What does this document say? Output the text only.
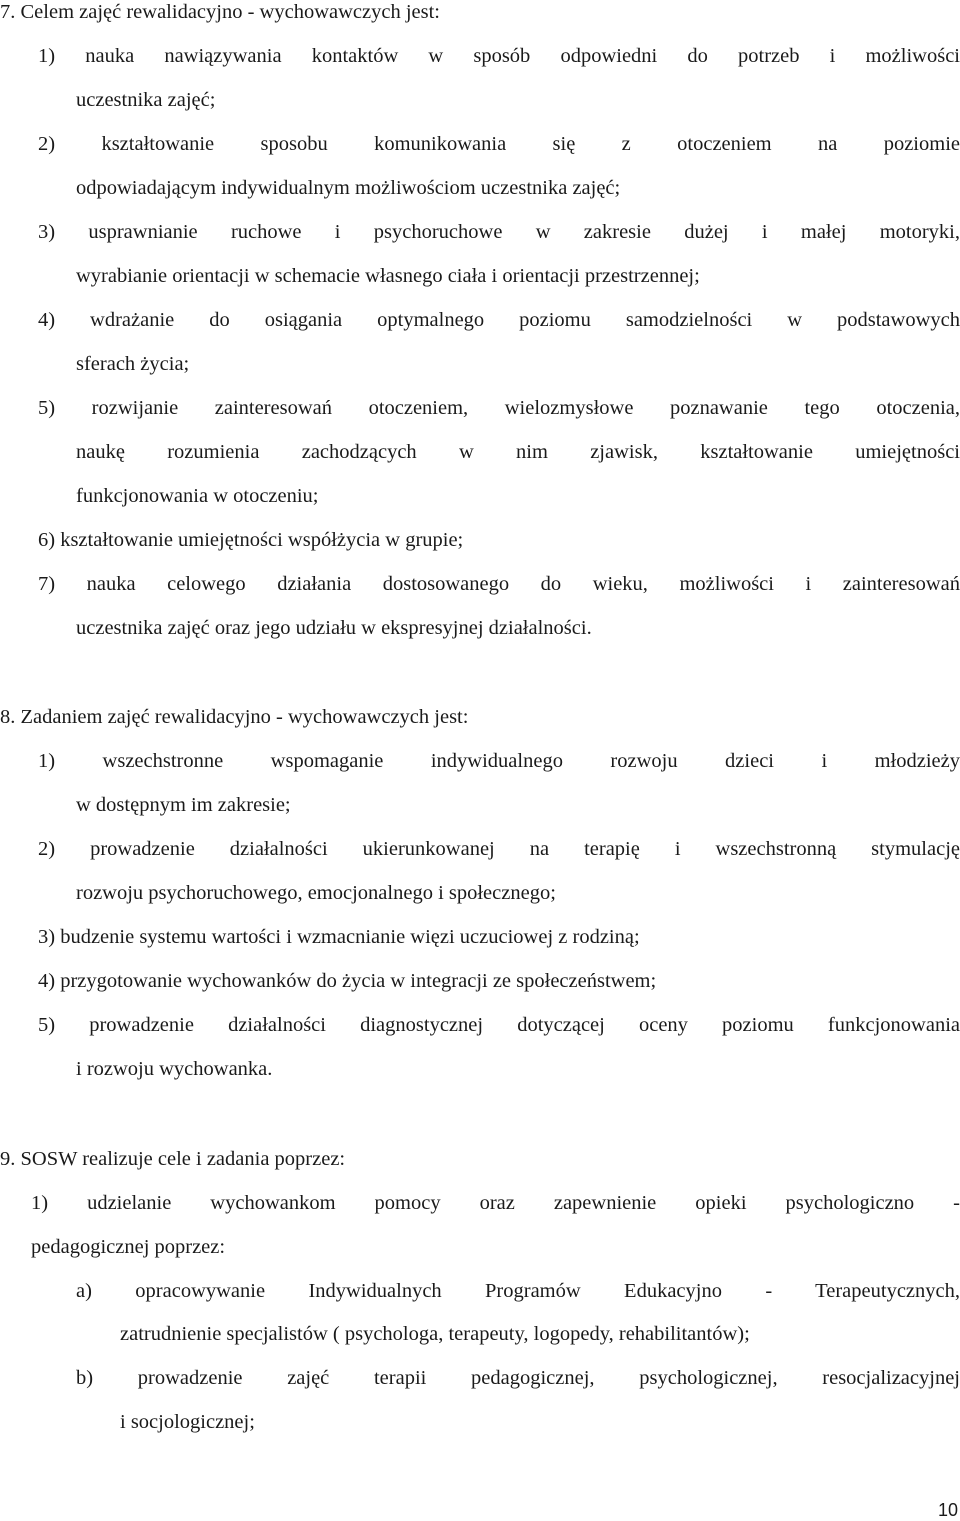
7. Celem zajęć rewalidacyjno - wychowawczych jest:
1) nauka nawiązywania kontaktów w sposób odpowiedni do potrzeb i możliwości
uczestnika zajęć;
2) kształtowanie sposobu komunikowania się z otoczeniem na poziomie
odpowiadającym indywidualnym możliwościom uczestnika zajęć;
3) usprawnianie ruchowe i psychoruchowe w zakresie dużej i małej motoryki,
wyrabianie orientacji w schemacie własnego ciała i orientacji przestrzennej;
4) wdrażanie do osiągania optymalnego poziomu samodzielności w podstawowych
sferach życia;
5) rozwijanie zainteresowań otoczeniem, wielozmysłowe poznawanie tego otoczenia,
naukę rozumienia zachodzących w nim zjawisk, kształtowanie umiejętności
funkcjonowania w otoczeniu;
6) kształtowanie umiejętności współżycia w grupie;
7) nauka celowego działania dostosowanego do wieku, możliwości i zainteresowań
uczestnika zajęć oraz jego udziału w ekspresyjnej działalności.
8. Zadaniem zajęć rewalidacyjno - wychowawczych jest:
1) wszechstronne wspomaganie indywidualnego rozwoju dzieci i młodzieży
w dostępnym im zakresie;
2) prowadzenie działalności ukierunkowanej na terapię i wszechstronną stymulację
rozwoju psychoruchowego, emocjonalnego i społecznego;
3) budzenie systemu wartości i wzmacnianie więzi uczuciowej z rodziną;
4) przygotowanie wychowanków do życia w integracji ze społeczeństwem;
5) prowadzenie działalności diagnostycznej dotyczącej oceny poziomu funkcjonowania
i rozwoju wychowanka.
9. SOSW realizuje cele i zadania poprzez:
1) udzielanie wychowankom pomocy oraz zapewnienie opieki psychologiczno -
pedagogicznej poprzez:
a) opracowywanie Indywidualnych Programów Edukacyjno - Terapeutycznych,
zatrudnienie specjalistów ( psychologa, terapeuty, logopedy, rehabilitantów);
b) prowadzenie zajęć terapii pedagogicznej, psychologicznej, resocjalizacyjnej
i socjologicznej;
10
